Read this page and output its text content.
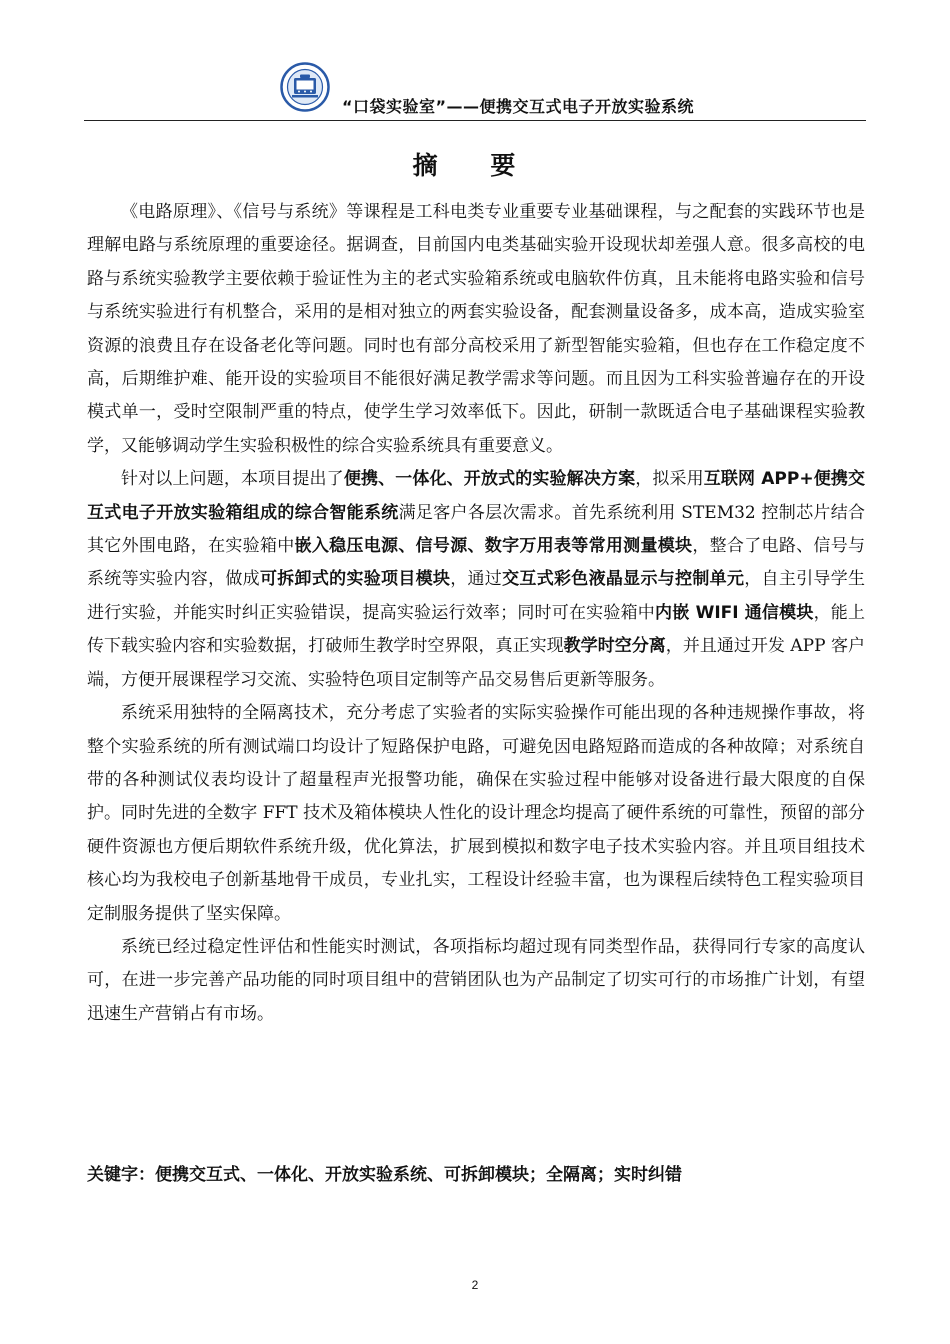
“口袋实验室”——便携交互式电子开放实验系统
摘 要

《电路原理》、《信号与系统》等课程是工科电类专业重要专业基础课程，与之配套的实践环节也是理解电路与系统原理的重要途径。据调查，目前国内电类基础实验开设现状却差强人意。很多高校的电路与系统实验教学主要依赖于验证性为主的老式实验箱系统或电脑软件仿真，且未能将电路实验和信号与系统实验进行有机整合，采用的是相对独立的两套实验设备，配套测量设备多，成本高，造成实验室资源的浪费且存在设备老化等问题。同时也有部分高校采用了新型智能实验箱，但也存在工作稳定度不高，后期维护难、能开设的实验项目不能很好满足教学需求等问题。而且因为工科实验普遍存在的开设模式单一，受时空限制严重的特点，使学生学习效率低下。因此，研制一款既适合电子基础课程实验教学，又能够调动学生实验积极性的综合实验系统具有重要意义。

针对以上问题，本项目提出了便携、一体化、开放式的实验解决方案，拟采用互联网 APP+便携交互式电子开放实验箱组成的综合智能系统满足客户各层次需求。首先系统利用 STEM32 控制芯片结合其它外围电路，在实验箱中嵌入稳压电源、信号源、数字万用表等常用测量模块，整合了电路、信号与系统等实验内容，做成可拆卸式的实验项目模块，通过交互式彩色液晶显示与控制单元，自主引导学生进行实验，并能实时纠正实验错误，提高实验运行效率；同时可在实验箱中内嵌 WIFI 通信模块，能上传下载实验内容和实验数据，打破师生教学时空界限，真正实现教学时空分离，并且通过开发 APP 客户端，方便开展课程学习交流、实验特色项目定制等产品交易售后更新等服务。

系统采用独特的全隔离技术，充分考虑了实验者的实际实验操作可能出现的各种违规操作事故，将整个实验系统的所有测试端口均设计了短路保护电路，可避免因电路短路而造成的各种故障；对系统自带的各种测试仪表均设计了超量程声光报警功能，确保在实验过程中能够对设备进行最大限度的自保护。同时先进的全数字 FFT 技术及箱体模块人性化的设计理念均提高了硬件系统的可靠性，预留的部分硬件资源也方便后期软件系统升级，优化算法，扩展到模拟和数字电子技术实验内容。并且项目组技术核心均为我校电子创新基地骨干成员，专业扎实，工程设计经验丰富，也为课程后续特色工程实验项目定制服务提供了坚实保障。

系统已经过稳定性评估和性能实时测试，各项指标均超过现有同类型作品，获得同行专家的高度认可，在进一步完善产品功能的同时项目组中的营销团队也为产品制定了切实可行的市场推广计划，有望迅速生产营销占有市场。

关键字：便携交互式、一体化、开放实验系统、可拆卸模块；全隔离；实时纠错
2
